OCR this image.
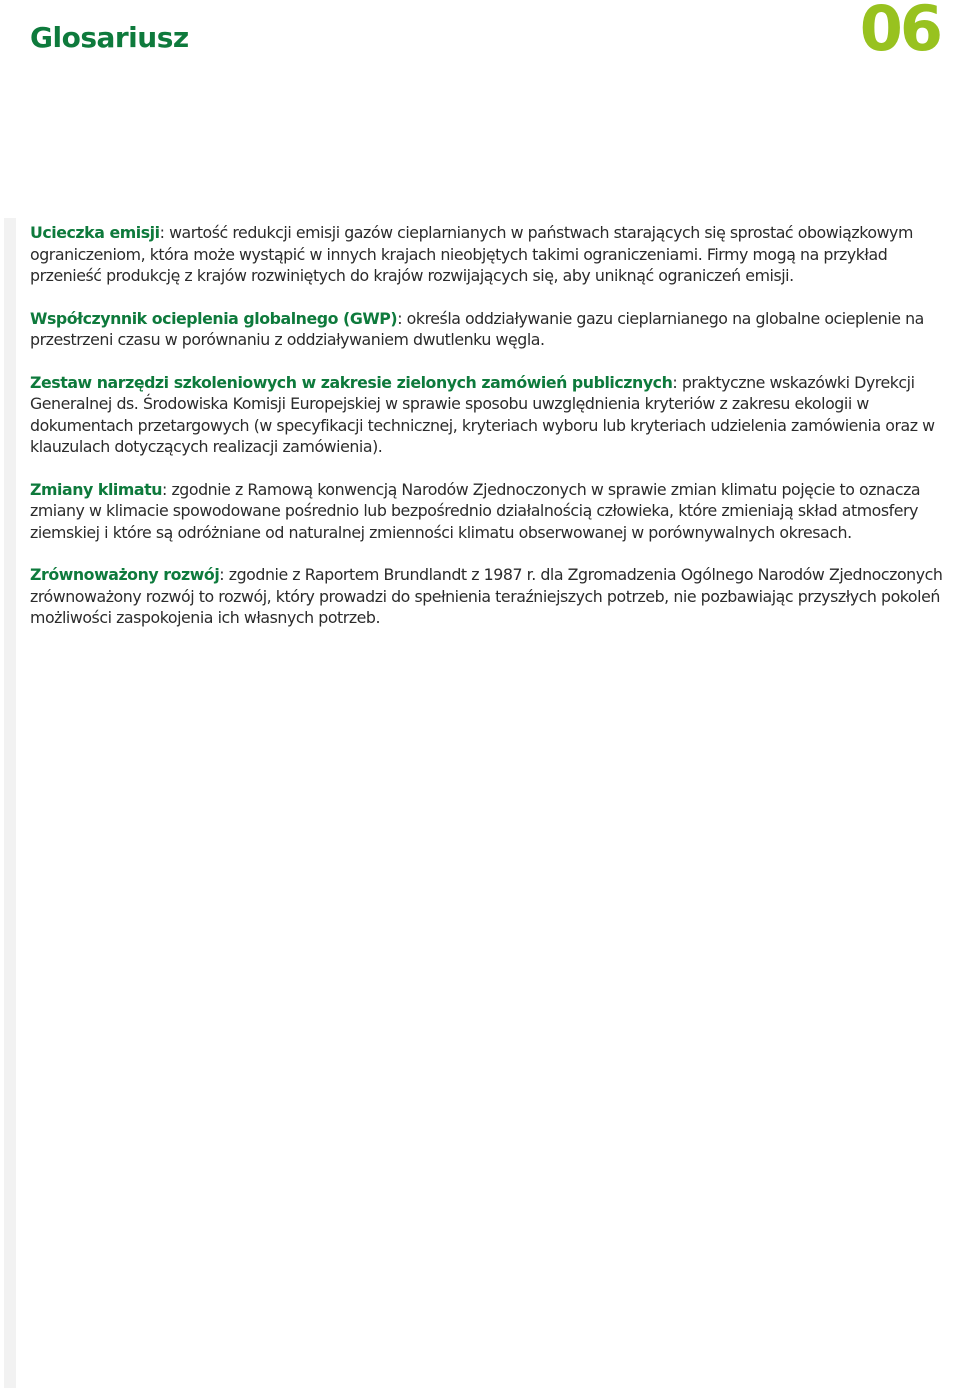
Glosariusz	06

Ucieczka emisji: wartość redukcji emisji gazów cieplarnianych w państwach starających się sprostać obowiązkowym ograniczeniom, która może wystąpić w innych krajach nieobjętych takimi ograniczeniami. Firmy mogą na przykład przenieść produkcję z krajów rozwiniętych do krajów rozwijających się, aby uniknąć ograniczeń emisji.

Współczynnik ocieplenia globalnego (GWP): określa oddziaływanie gazu cieplarnianego na globalne ocieplenie na przestrzeni czasu w porównaniu z oddziaływaniem dwutlenku węgla.

Zestaw narzędzi szkoleniowych w zakresie zielonych zamówień publicznych: praktyczne wskazówki Dyrekcji Generalnej ds. Środowiska Komisji Europejskiej w sprawie sposobu uwzględnienia kryteriów z zakresu ekologii w dokumentach przetargowych (w specyfikacji technicznej, kryteriach wyboru lub kryteriach udzielenia zamówienia oraz w klauzulach dotyczących realizacji zamówienia).

Zmiany klimatu: zgodnie z Ramową konwencją Narodów Zjednoczonych w sprawie zmian klimatu pojęcie to oznacza zmiany w klimacie spowodowane pośrednio lub bezpośrednio działalnością człowieka, które zmieniają skład atmosfery ziemskiej i które są odróżniane od naturalnej zmienności klimatu obserwowanej w porównywalnych okresach.

Zrównoważony rozwój: zgodnie z Raportem Brundlandt z 1987 r. dla Zgromadzenia Ogólnego Narodów Zjednoczonych zrównoważony rozwój to rozwój, który prowadzi do spełnienia teraźniejszych potrzeb, nie pozbawiając przyszłych pokoleń możliwości zaspokojenia ich własnych potrzeb.
